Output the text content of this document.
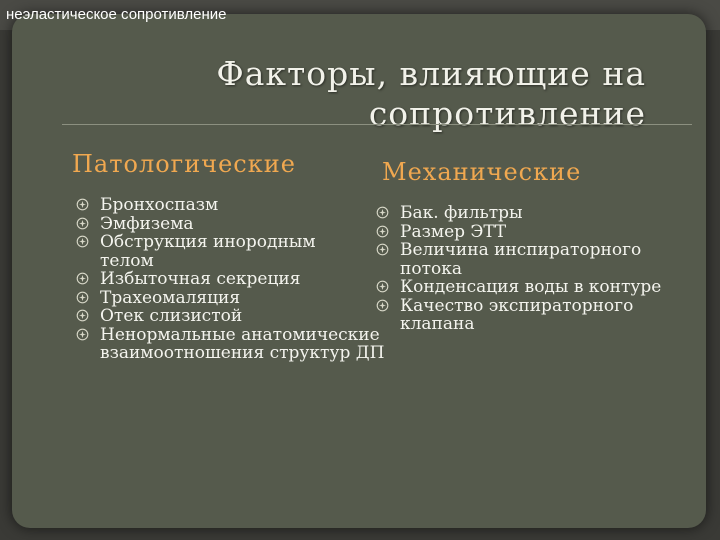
Факторы, влияющие на
сопротивление
Патологические	Механические
Бронхоспазм
Эмфизема
Обструкция инородным телом
Избыточная секреция
Трахеомаляция
Отек слизистой
Ненормальные анатомические взаимоотношения структур ДП
Бак. фильтры
Размер ЭТТ
Величина инспираторного потока
Конденсация воды в контуре
Качество экспираторного клапана
неэластическое сопротивление
